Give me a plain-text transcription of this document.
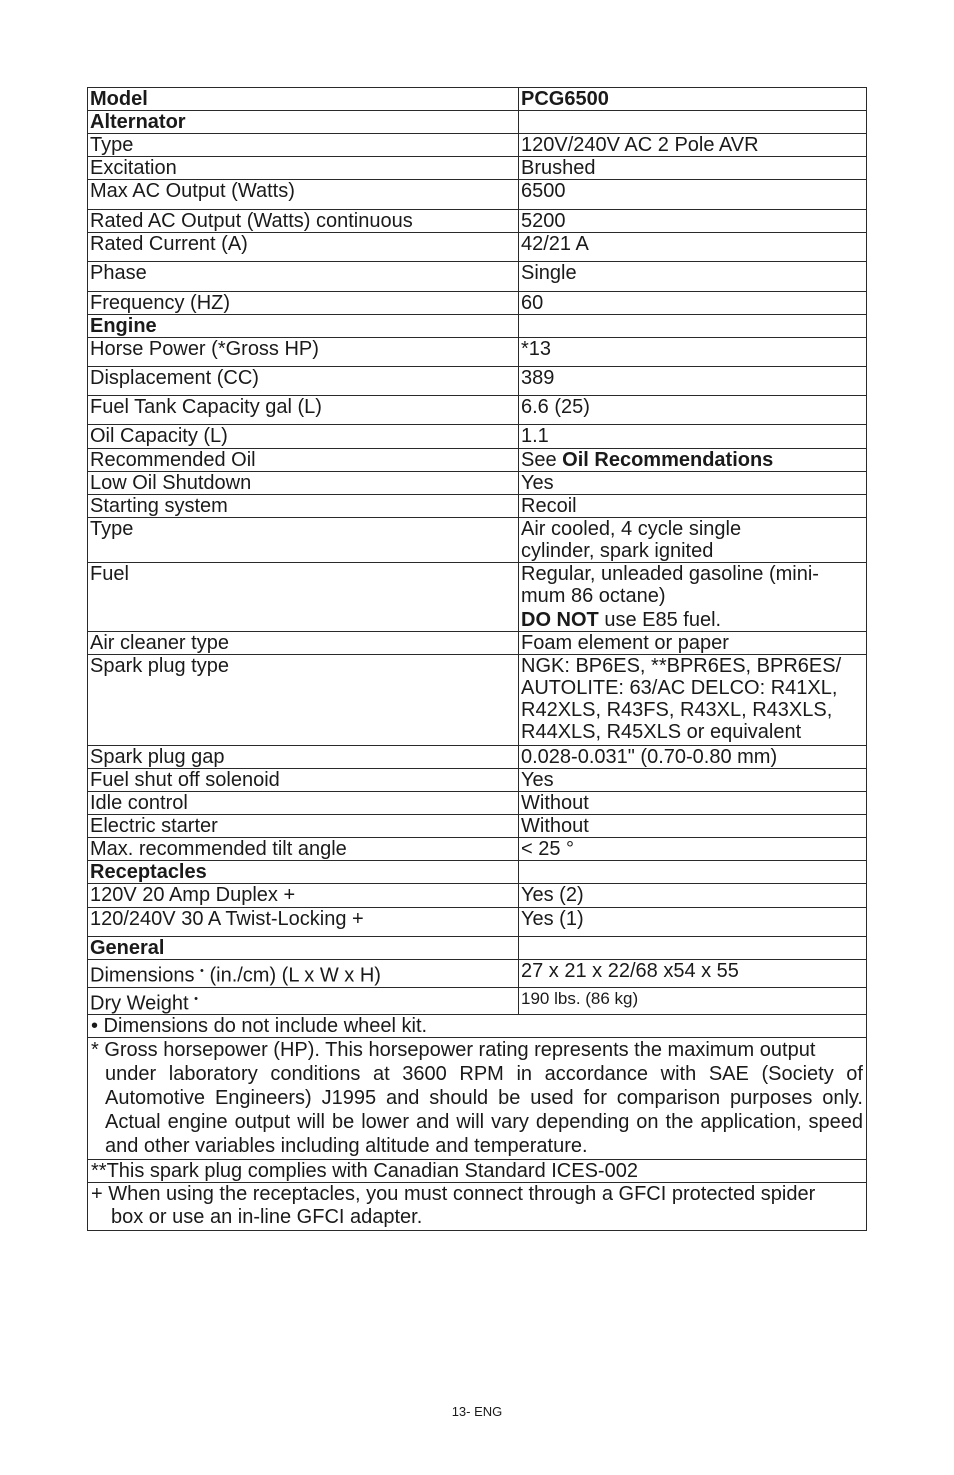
Model	PCG6500
Alternator	
Type	120V/240V AC 2 Pole AVR
Excitation	Brushed
Max AC Output (Watts)	6500
Rated AC Output (Watts) continuous	5200
Rated Current (A)	42/21 A
Phase	Single
Frequency (HZ)	60
Engine	
Horse Power (*Gross HP)	*13
Displacement (CC)	389
Fuel Tank Capacity gal (L)	6.6 (25)
Oil Capacity (L)	1.1
Recommended Oil	See Oil Recommendations
Low Oil Shutdown	Yes
Starting system	Recoil
Type	Air cooled, 4 cycle single
cylinder, spark ignited

Fuel	Regular, unleaded gasoline (mini-
mum 86 octane)
DO NOT use E85 fuel.

Air cleaner type	Foam element or paper
Spark plug type	NGK: BP6ES, **BPR6ES, BPR6ES/
AUTOLITE: 63/AC DELCO: R41XL,
R42XLS, R43FS, R43XL, R43XLS,
R44XLS, R45XLS or equivalent

Spark plug gap	0.028-0.031" (0.70-0.80 mm)
Fuel shut off solenoid	Yes
Idle control	Without
Electric starter	Without
Max. recommended tilt angle	< 25 °
Receptacles	
120V 20 Amp Duplex +	Yes (2)
120/240V 30 A Twist-Locking +	Yes (1)
General	
Dimensions • (in./cm) (L x W x H)	27 x 21 x 22/68 x54 x 55
Dry Weight •	190 lbs. (86 kg)
• Dimensions do not include wheel kit.	

* Gross horsepower (HP). This horsepower rating represents the maximum output
under laboratory conditions at 3600 RPM in accordance with SAE (Society of Automotive Engineers) J1995 and should be used for comparison purposes only. Actual engine output will be lower and will vary depending on the application, speed and other variables including altitude and temperature.	

**This spark plug complies with Canadian Standard ICES-002	

+ When using the receptacles, you must connect through a GFCI protected spider
box or use an in-line GFCI adapter.	
13- ENG
